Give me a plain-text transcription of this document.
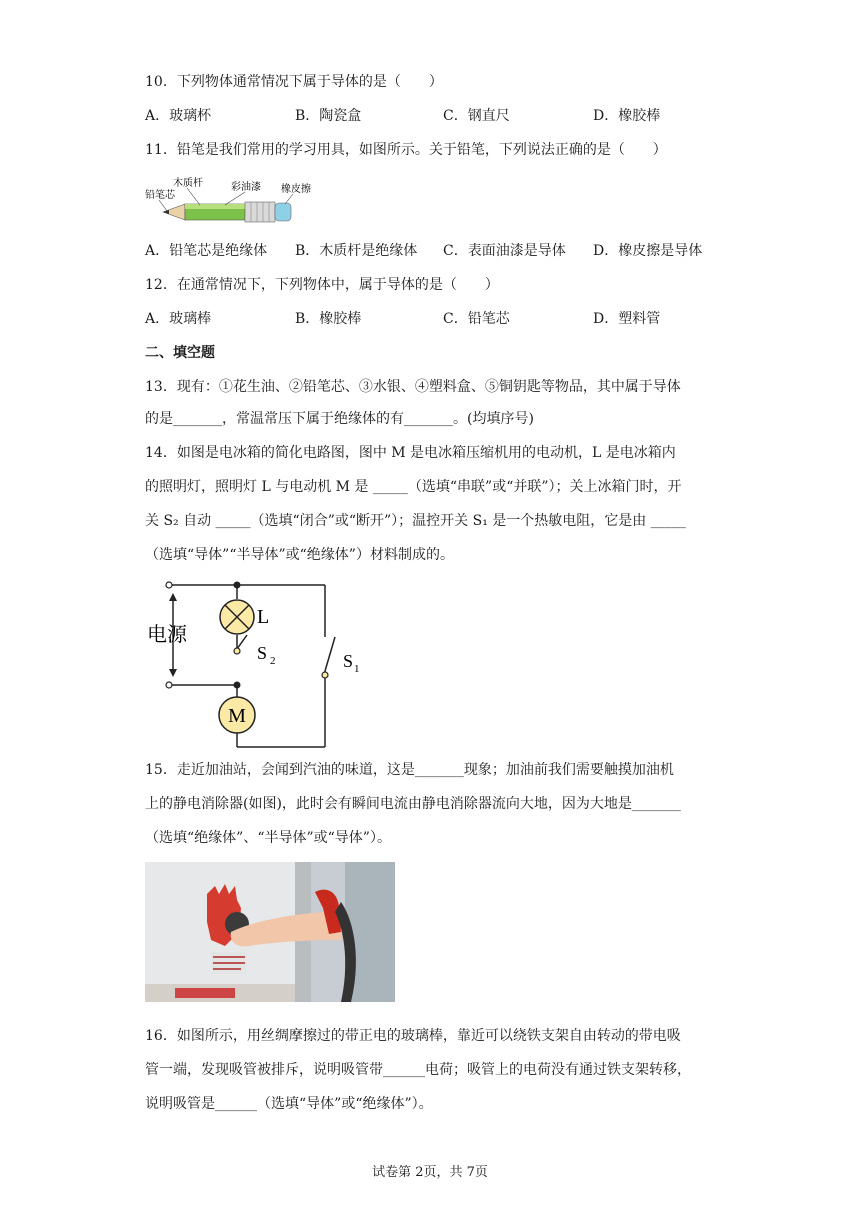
10．下列物体通常情况下属于导体的是（　　）
A．玻璃杯	B．陶瓷盒	C．钢直尺	D．橡胶棒
11．铅笔是我们常用的学习用具，如图所示。关于铅笔，下列说法正确的是（　　）
铅笔芯
木质杆	彩油漆 橡皮擦
A．铅笔芯是绝缘体 B．木质杆是绝缘体 C．表面油漆是导体 D．橡皮擦是导体
12．在通常情况下，下列物体中，属于导体的是（　　）
A．玻璃棒	B．橡胶棒	C．铅笔芯	D．塑料管
二、填空题
13．现有：①花生油、②铅笔芯、③水银、④塑料盒、⑤铜钥匙等物品，其中属于导体
的是_______，常温常压下属于绝缘体的有_______。(均填序号)
14．如图是电冰箱的简化电路图，图中 M 是电冰箱压缩机用的电动机，L 是电冰箱内
的照明灯，照明灯 L 与电动机 M 是 _____（选填“串联”或“并联”）；关上冰箱门时，开
关 S₂ 自动 _____（选填“闭合”或“断开”）；温控开关 S₁ 是一个热敏电阻，它是由 _____
（选填“导体”“半导体”或“绝缘体”）材料制成的。
M
L
电源
S 2	S 1
15．走近加油站，会闻到汽油的味道，这是_______现象；加油前我们需要触摸加油机
上的静电消除器(如图)，此时会有瞬间电流由静电消除器流向大地，因为大地是_______
（选填“绝缘体”、“半导体”或“导体”）。
16．如图所示，用丝绸摩擦过的带正电的玻璃棒，靠近可以绕铁支架自由转动的带电吸
管一端，发现吸管被排斥，说明吸管带______电荷；吸管上的电荷没有通过铁支架转移，
说明吸管是______（选填“导体”或“绝缘体”）。
试卷第 2页，共 7页
